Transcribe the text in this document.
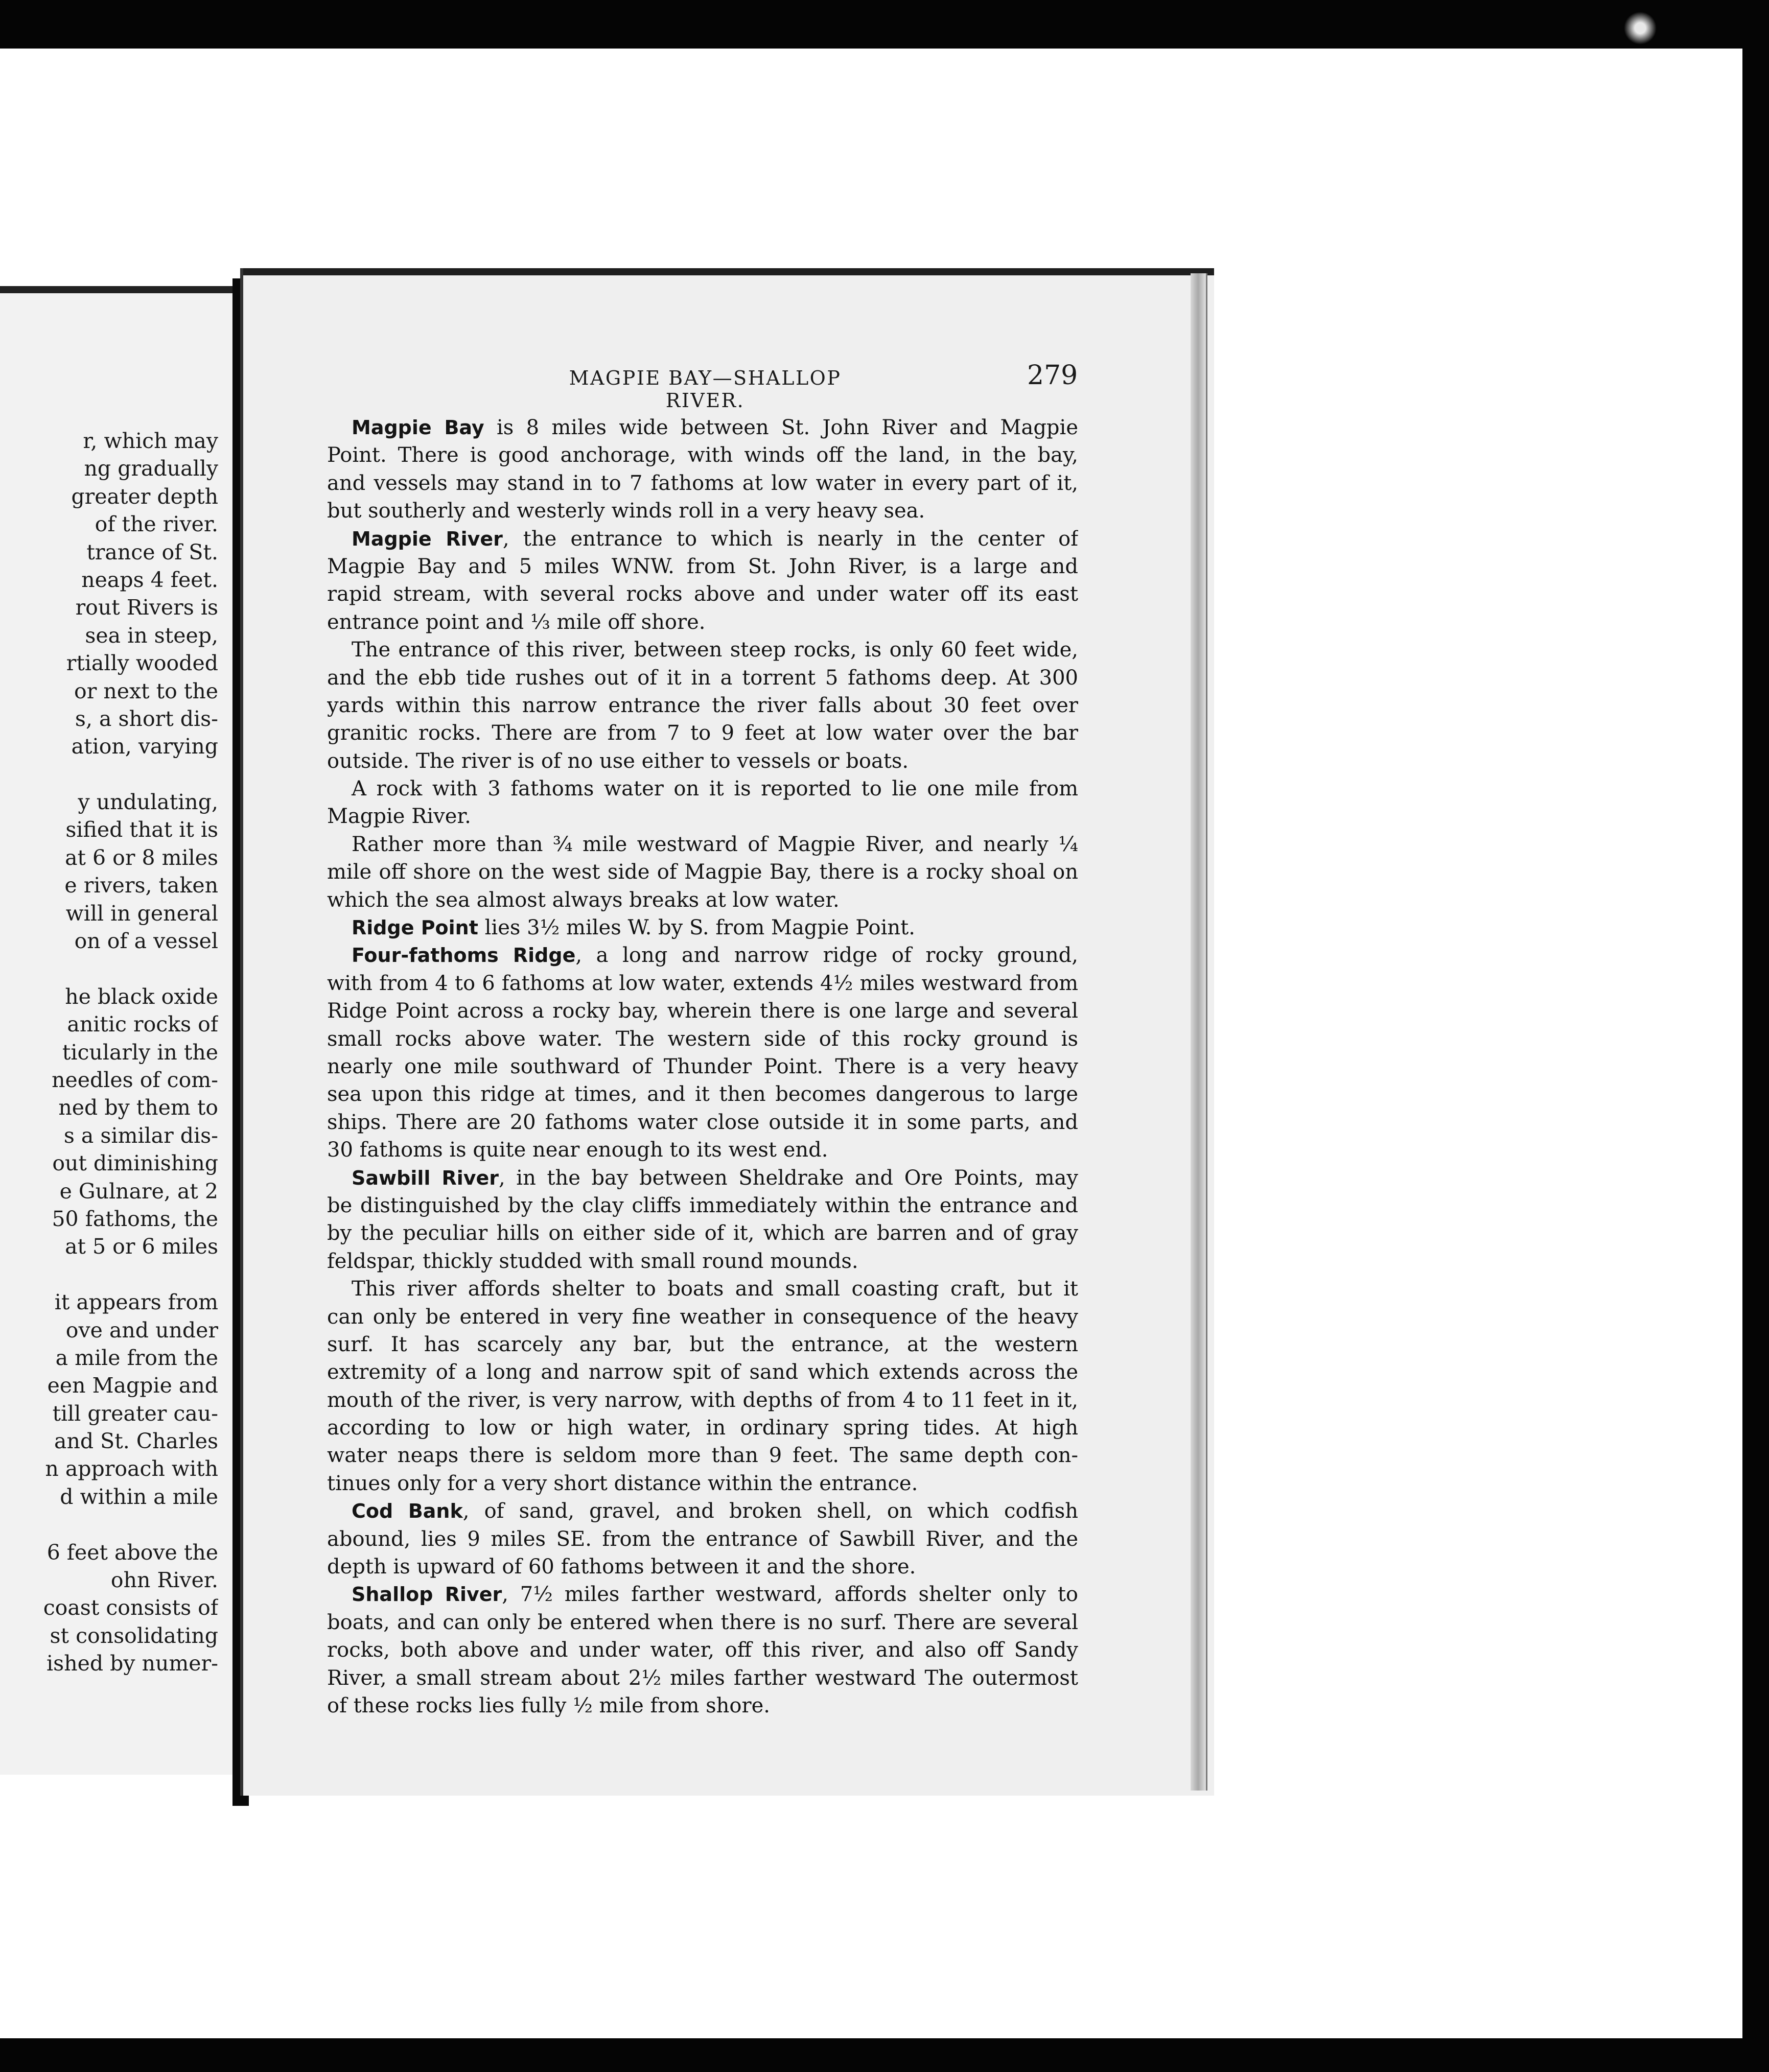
r, which may
ng gradually
greater depth
of the river.
trance of St.
neaps 4 feet.
rout Rivers is
sea in steep,
rtially wooded
or next to the
s, a short dis-
ation, varying
y undulating,
sified that it is
at 6 or 8 miles
e rivers, taken
will in general
on of a vessel
he black oxide
anitic rocks of
ticularly in the
needles of com-
ned by them to
s a similar dis-
out diminishing
e Gulnare, at 2
50 fathoms, the
at 5 or 6 miles
it appears from
ove and under
a mile from the
een Magpie and
till greater cau-
and St. Charles
n approach with
d within a mile
6 feet above the
ohn River.
coast consists of
st consolidating
ished by numer-
MAGPIE BAY—SHALLOP RIVER.
279
Magpie Bay is 8 miles wide between St. John River and Magpie
Point. There is good anchorage, with winds off the land, in the bay,
and vessels may stand in to 7 fathoms at low water in every part of it,
but southerly and westerly winds roll in a very heavy sea.
Magpie River, the entrance to which is nearly in the center of
Magpie Bay and 5 miles WNW. from St. John River, is a large and
rapid stream, with several rocks above and under water off its east
entrance point and ⅓ mile off shore.
The entrance of this river, between steep rocks, is only 60 feet wide,
and the ebb tide rushes out of it in a torrent 5 fathoms deep. At 300
yards within this narrow entrance the river falls about 30 feet over
granitic rocks. There are from 7 to 9 feet at low water over the bar
outside. The river is of no use either to vessels or boats.
A rock with 3 fathoms water on it is reported to lie one mile from
Magpie River.
Rather more than ¾ mile westward of Magpie River, and nearly ¼
mile off shore on the west side of Magpie Bay, there is a rocky shoal on
which the sea almost always breaks at low water.
Ridge Point lies 3½ miles W. by S. from Magpie Point.
Four-fathoms Ridge, a long and narrow ridge of rocky ground,
with from 4 to 6 fathoms at low water, extends 4½ miles westward from
Ridge Point across a rocky bay, wherein there is one large and several
small rocks above water. The western side of this rocky ground is
nearly one mile southward of Thunder Point. There is a very heavy
sea upon this ridge at times, and it then becomes dangerous to large
ships. There are 20 fathoms water close outside it in some parts, and
30 fathoms is quite near enough to its west end.
Sawbill River, in the bay between Sheldrake and Ore Points, may
be distinguished by the clay cliffs immediately within the entrance and
by the peculiar hills on either side of it, which are barren and of gray
feldspar, thickly studded with small round mounds.
This river affords shelter to boats and small coasting craft, but it
can only be entered in very fine weather in consequence of the heavy
surf. It has scarcely any bar, but the entrance, at the western
extremity of a long and narrow spit of sand which extends across the
mouth of the river, is very narrow, with depths of from 4 to 11 feet in it,
according to low or high water, in ordinary spring tides. At high
water neaps there is seldom more than 9 feet. The same depth con-
tinues only for a very short distance within the entrance.
Cod Bank, of sand, gravel, and broken shell, on which codfish
abound, lies 9 miles SE. from the entrance of Sawbill River, and the
depth is upward of 60 fathoms between it and the shore.
Shallop River, 7½ miles farther westward, affords shelter only to
boats, and can only be entered when there is no surf. There are several
rocks, both above and under water, off this river, and also off Sandy
River, a small stream about 2½ miles farther westward The outermost
of these rocks lies fully ½ mile from shore.
